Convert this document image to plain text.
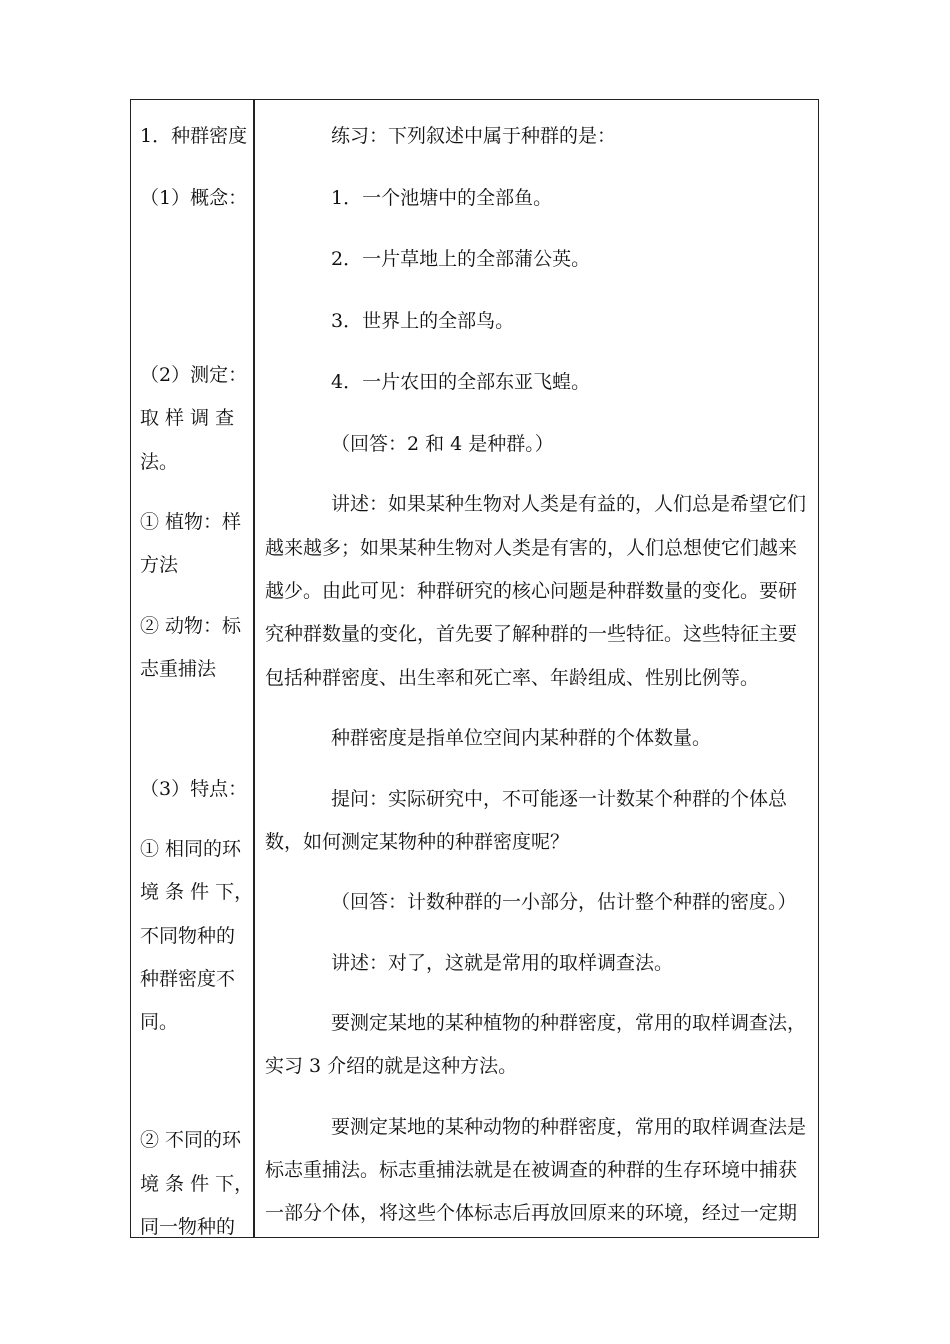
1．种群密度
（1）概念：
（2）测定：
取 样 调 查
法。
① 植物：样
方法
② 动物：标
志重捕法
（3）特点：
① 相同的环
境 条 件 下，
不同物种的
种群密度不
同。
② 不同的环
境 条 件 下，
同一物种的
练习：下列叙述中属于种群的是：
1．一个池塘中的全部鱼。
2．一片草地上的全部蒲公英。
3．世界上的全部鸟。
4．一片农田的全部东亚飞蝗。
（回答：2 和 4 是种群。）
讲述：如果某种生物对人类是有益的，人们总是希望它们
越来越多；如果某种生物对人类是有害的，人们总想使它们越来
越少。由此可见：种群研究的核心问题是种群数量的变化。要研
究种群数量的变化，首先要了解种群的一些特征。这些特征主要
包括种群密度、出生率和死亡率、年龄组成、性别比例等。
种群密度是指单位空间内某种群的个体数量。
提问：实际研究中，不可能逐一计数某个种群的个体总
数，如何测定某物种的种群密度呢？
（回答：计数种群的一小部分，估计整个种群的密度。）
讲述：对了，这就是常用的取样调查法。
要测定某地的某种植物的种群密度，常用的取样调查法，
实习 3 介绍的就是这种方法。
要测定某地的某种动物的种群密度，常用的取样调查法是
标志重捕法。标志重捕法就是在被调查的种群的生存环境中捕获
一部分个体，将这些个体标志后再放回原来的环境，经过一定期
